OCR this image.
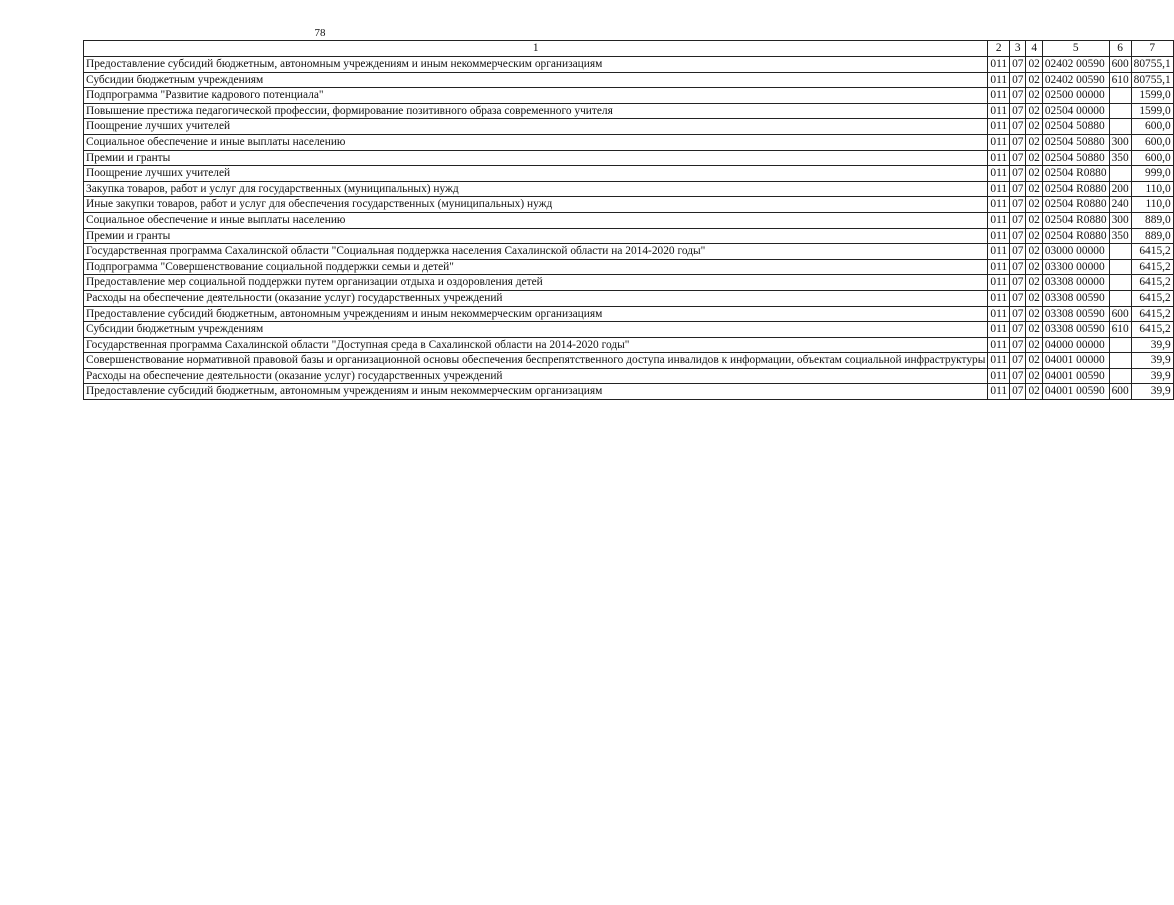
78
1	2	3	4	5	6	7
Предоставление субсидий бюджетным, автономным учреждениям и иным некоммерческим организациям	011	07	02	02402 00590	600	80755,1
Субсидии бюджетным учреждениям	011	07	02	02402 00590	610	80755,1
Подпрограмма "Развитие кадрового потенциала"	011	07	02	02500 00000		1599,0
Повышение престижа педагогической профессии, формирование позитивного образа современного учителя	011	07	02	02504 00000		1599,0
Поощрение лучших учителей	011	07	02	02504 50880		600,0
Социальное обеспечение и иные выплаты населению	011	07	02	02504 50880	300	600,0
Премии и гранты	011	07	02	02504 50880	350	600,0
Поощрение лучших учителей	011	07	02	02504 R0880		999,0
Закупка товаров, работ и услуг для государственных (муниципальных) нужд	011	07	02	02504 R0880	200	110,0
Иные закупки товаров, работ и услуг для обеспечения государственных (муниципальных) нужд	011	07	02	02504 R0880	240	110,0
Социальное обеспечение и иные выплаты населению	011	07	02	02504 R0880	300	889,0
Премии и гранты	011	07	02	02504 R0880	350	889,0
Государственная программа Сахалинской области "Социальная поддержка населения Сахалинской области на 2014-2020 годы"	011	07	02	03000 00000		6415,2
Подпрограмма "Совершенствование социальной поддержки семьи и детей"	011	07	02	03300 00000		6415,2
Предоставление мер социальной поддержки путем организации отдыха и оздоровления детей	011	07	02	03308 00000		6415,2
Расходы на обеспечение деятельности (оказание услуг) государственных учреждений	011	07	02	03308 00590		6415,2
Предоставление субсидий бюджетным, автономным учреждениям и иным некоммерческим организациям	011	07	02	03308 00590	600	6415,2
Субсидии бюджетным учреждениям	011	07	02	03308 00590	610	6415,2
Государственная программа Сахалинской области "Доступная среда в Сахалинской области на 2014-2020 годы"	011	07	02	04000 00000		39,9
Совершенствование нормативной правовой базы и организационной основы обеспечения беспрепятственного доступа инвалидов к информации, объектам социальной инфраструктуры	011	07	02	04001 00000		39,9
Расходы на обеспечение деятельности (оказание услуг) государственных учреждений	011	07	02	04001 00590		39,9
Предоставление субсидий бюджетным, автономным учреждениям и иным некоммерческим организациям	011	07	02	04001 00590	600	39,9
